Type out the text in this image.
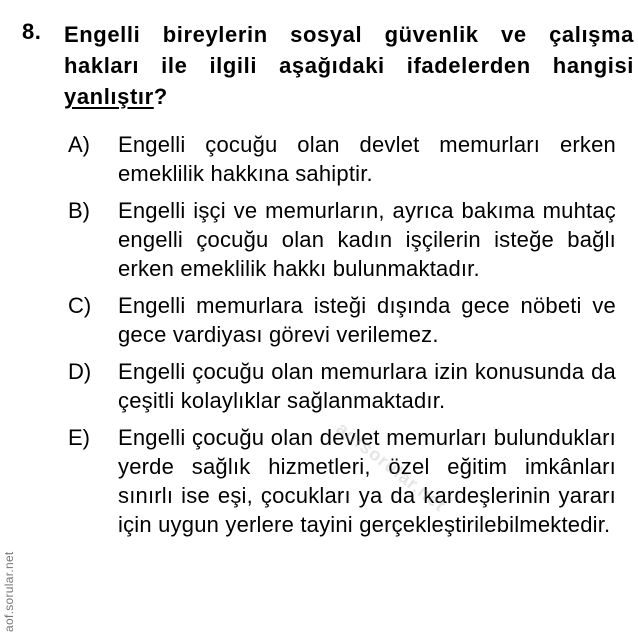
8. Engelli bireylerin sosyal güvenlik ve çalışma hakları ile ilgili aşağıdaki ifadelerden hangisi yanlıştır?
A) Engelli çocuğu olan devlet memurları erken emeklilik hakkına sahiptir.
B) Engelli işçi ve memurların, ayrıca bakıma muhtaç engelli çocuğu olan kadın işçilerin isteğe bağlı erken emeklilik hakkı bulunmaktadır.
C) Engelli memurlara isteği dışında gece nöbeti ve gece vardiyası görevi verilemez.
D) Engelli çocuğu olan memurlara izin konusunda da çeşitli kolaylıklar sağlanmaktadır.
E) Engelli çocuğu olan devlet memurları bulundukları yerde sağlık hizmetleri, özel eğitim imkânları sınırlı ise eşi, çocukları ya da kardeşlerinin yararı için uygun yerlere tayini gerçekleştirilebilmektedir.
aof.sorular.net
aofsorular.net
